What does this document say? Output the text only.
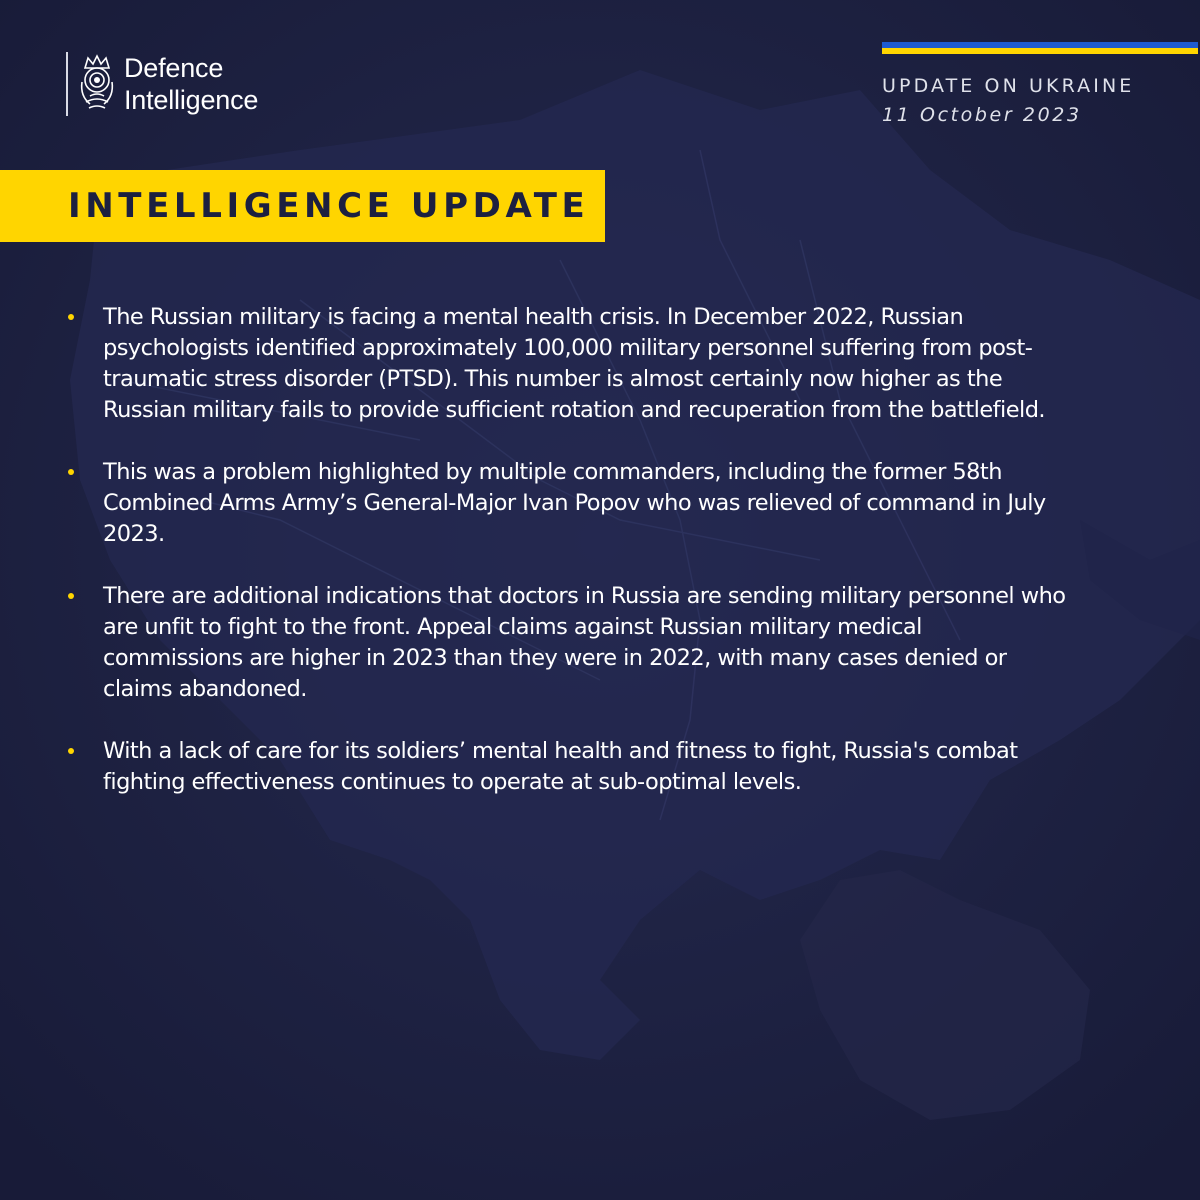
Defence
Intelligence	UPDATE ON UKRAINE
11 October 2023
INTELLIGENCE UPDATE
The Russian military is facing a mental health crisis. In December 2022, Russian psychologists identified approximately 100,000 military personnel suffering from post-traumatic stress disorder (PTSD). This number is almost certainly now higher as the Russian military fails to provide sufficient rotation and recuperation from the battlefield.
This was a problem highlighted by multiple commanders, including the former 58th Combined Arms Army’s General-Major Ivan Popov who was relieved of command in July 2023.
There are additional indications that doctors in Russia are sending military personnel who are unfit to fight to the front. Appeal claims against Russian military medical commissions are higher in 2023 than they were in 2022, with many cases denied or claims abandoned.
With a lack of care for its soldiers’ mental health and fitness to fight, Russia's combat fighting effectiveness continues to operate at sub-optimal levels.
